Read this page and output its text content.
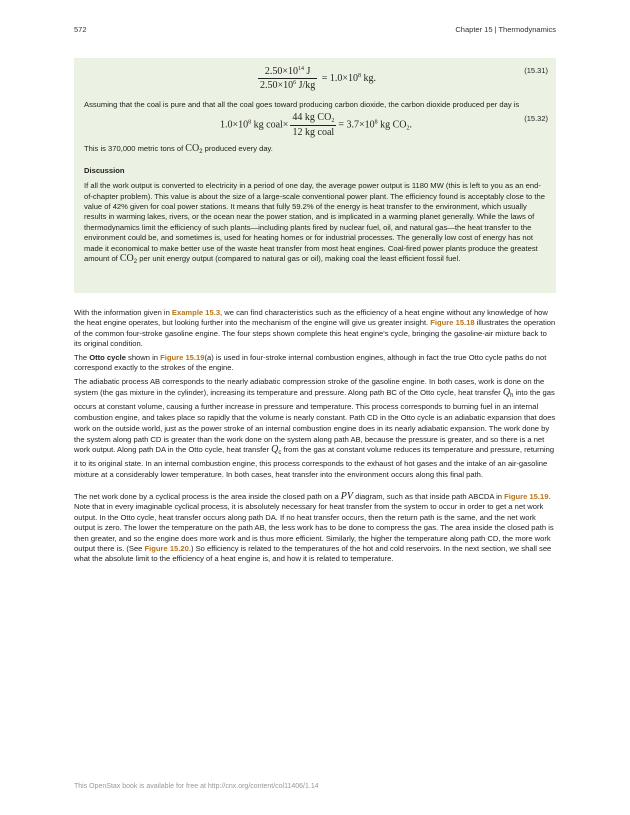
572	Chapter 15 | Thermodynamics
(15.31)
$\frac{2.50\times 10^{14} J}{2.50\times 10^6 J/kg} = 1.0\times 10^8$ kg.

Assuming that the coal is pure and that all the coal goes toward producing carbon dioxide, the carbon dioxide produced per day is

(15.32)
$1.0\times 10^8$ kg coal× $\frac{44 kg CO_2}{\text{12 kg coal}} = 3.7\times 10^8$ kg $CO_2$.

This is 370,000 metric tons of $CO_2$ produced every day.

Discussion

If all the work output is converted to electricity in a period of one day, the average power output is 1180 MW (this is left to you as an end-of-chapter problem). This value is about the size of a large-scale conventional power plant. The efficiency found is acceptably close to the value of 42% given for coal power stations. It means that fully 59.2% of the energy is heat transfer to the environment, which usually results in warming lakes, rivers, or the ocean near the power station, and is implicated in a warming planet generally. While the laws of thermodynamics limit the efficiency of such plants—including plants fired by nuclear fuel, oil, and natural gas—the heat transfer to the environment could be, and sometimes is, used for heating homes or for industrial processes. The generally low cost of energy has not made it economical to make better use of the waste heat transfer from most heat engines. Coal-fired power plants produce the greatest amount of $CO_2$ per unit energy output (compared to natural gas or oil), making coal the least efficient fossil fuel.

With the information given in Example 15.3, we can find characteristics such as the efficiency of a heat engine without any knowledge of how the heat engine operates, but looking further into the mechanism of the engine will give us greater insight. Figure 15.18 illustrates the operation of the common four-stroke gasoline engine. The four steps shown complete this heat engine's cycle, bringing the gasoline-air mixture back to its original condition.

The Otto cycle shown in Figure 15.19(a) is used in four-stroke internal combustion engines, although in fact the true Otto cycle paths do not correspond exactly to the strokes of the engine.

The adiabatic process AB corresponds to the nearly adiabatic compression stroke of the gasoline engine. In both cases, work is done on the system (the gas mixture in the cylinder), increasing its temperature and pressure. Along path BC of the Otto cycle, heat transfer $Q_h$ into the gas occurs at constant volume, causing a further increase in pressure and temperature. This process corresponds to burning fuel in an internal combustion engine, and takes place so rapidly that the volume is nearly constant. Path CD in the Otto cycle is an adiabatic expansion that does work on the outside world, just as the power stroke of an internal combustion engine does in its nearly adiabatic expansion. The work done by the system along path CD is greater than the work done on the system along path AB, because the pressure is greater, and so there is a net work output. Along path DA in the Otto cycle, heat transfer $Q_c$ from the gas at constant volume reduces its temperature and pressure, returning it to its original state. In an internal combustion engine, this process corresponds to the exhaust of hot gases and the intake of an air-gasoline mixture at a considerably lower temperature. In both cases, heat transfer into the environment occurs along this final path.

The net work done by a cyclical process is the area inside the closed path on a PV diagram, such as that inside path ABCDA in Figure 15.19. Note that in every imaginable cyclical process, it is absolutely necessary for heat transfer from the system to occur in order to get a net work output. In the Otto cycle, heat transfer occurs along path DA. If no heat transfer occurs, then the return path is the same, and the net work output is zero. The lower the temperature on the path AB, the less work has to be done to compress the gas. The area inside the closed path is then greater, and so the engine does more work and is thus more efficient. Similarly, the higher the temperature along path CD, the more work output there is. (See Figure 15.20.) So efficiency is related to the temperatures of the hot and cold reservoirs. In the next section, we shall see what the absolute limit to the efficiency of a heat engine is, and how it is related to temperature.

This OpenStax book is available for free at http://cnx.org/content/col11406/1.14
